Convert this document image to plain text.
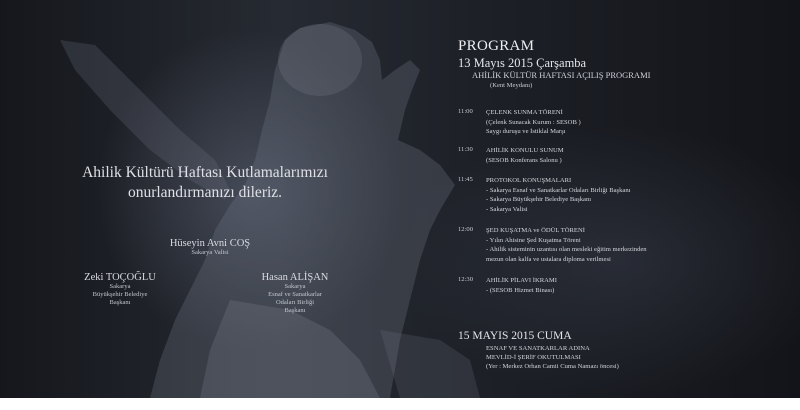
Ahilik Kültürü Haftası Kutlamalarımızı
onurlandırmanızı dileriz.
Hüseyin Avni COŞ
Sakarya Valisi
Zeki TOÇOĞLU
Sakarya
Büyükşehir Belediye
Başkanı
Hasan ALİŞAN
Sakarya
Esnaf ve Sanatkarlar
Odaları Birliği
Başkanı
PROGRAM
13 Mayıs 2015 Çarşamba
AHİLİK KÜLTÜR HAFTASI AÇILIŞ PROGRAMI
(Kent Meydanı)
11:00 ÇELENK SUNMA TÖRENİ
(Çelenk Sunacak Kurum : SESOB )
Saygı duruşu ve İstiklal Marşı
11:30 AHİLİK KONULU SUNUM
(SESOB Konferans Salonu )
11:45 PROTOKOL KONUŞMALARI
- Sakarya Esnaf ve Sanatkarlar Odaları Birliği Başkanı
- Sakarya Büyükşehir Belediye Başkanı
- Sakarya Valisi
12:00 ŞED KUŞATMA ve ÖDÜL TÖRENİ
- Yılın Ahisine Şed Kuşatma Töreni
- Ahilik sisteminin uzantısı olan mesleki eğitim merkezinden
mezun olan kalfa ve ustalara diploma verilmesi
12:30 AHİLİK PİLAVI İKRAMI
- (SESOB Hizmet Binası)
15 MAYIS 2015 CUMA
ESNAF VE SANATKARLAR ADINA
MEVLİD-İ ŞERİF OKUTULMASI
(Yer : Merkez Orhan Camii Cuma Namazı öncesi)
